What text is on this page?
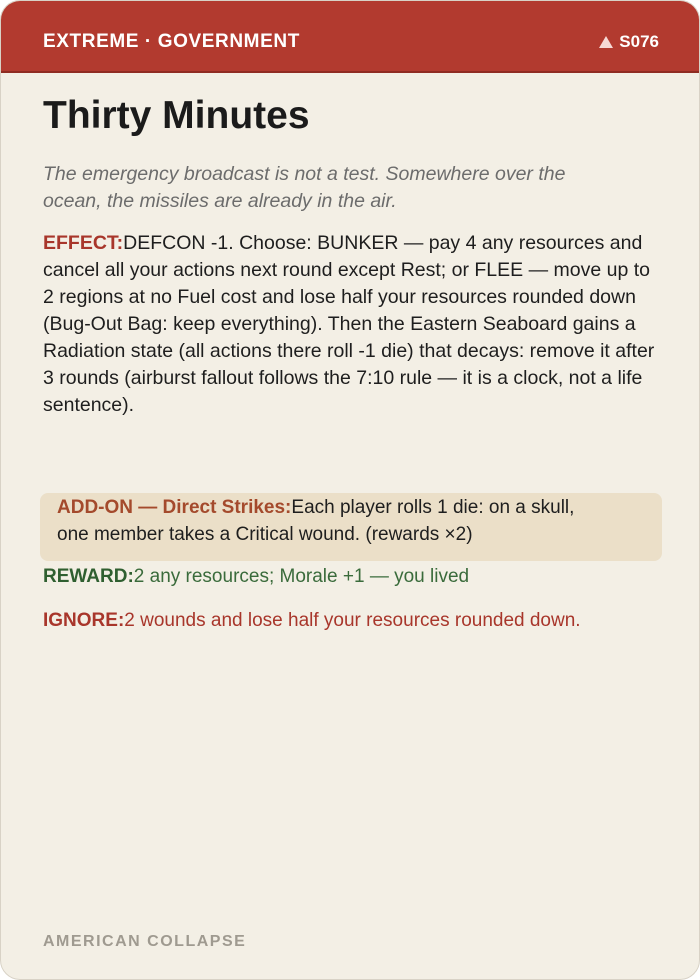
EXTREME · GOVERNMENT	S076
Thirty Minutes
The emergency broadcast is not a test. Somewhere over the ocean, the missiles are already in the air.
EFFECT:DEFCON -1. Choose: BUNKER — pay 4 any resources and cancel all your actions next round except Rest; or FLEE — move up to 2 regions at no Fuel cost and lose half your resources rounded down (Bug-Out Bag: keep everything). Then the Eastern Seaboard gains a Radiation state (all actions there roll -1 die) that decays: remove it after 3 rounds (airburst fallout follows the 7:10 rule — it is a clock, not a life sentence).
ADD-ON — Direct Strikes:Each player rolls 1 die: on a skull, one member takes a Critical wound. (rewards ×2)
REWARD:2 any resources; Morale +1 — you lived
IGNORE:2 wounds and lose half your resources rounded down.
AMERICAN COLLAPSE
